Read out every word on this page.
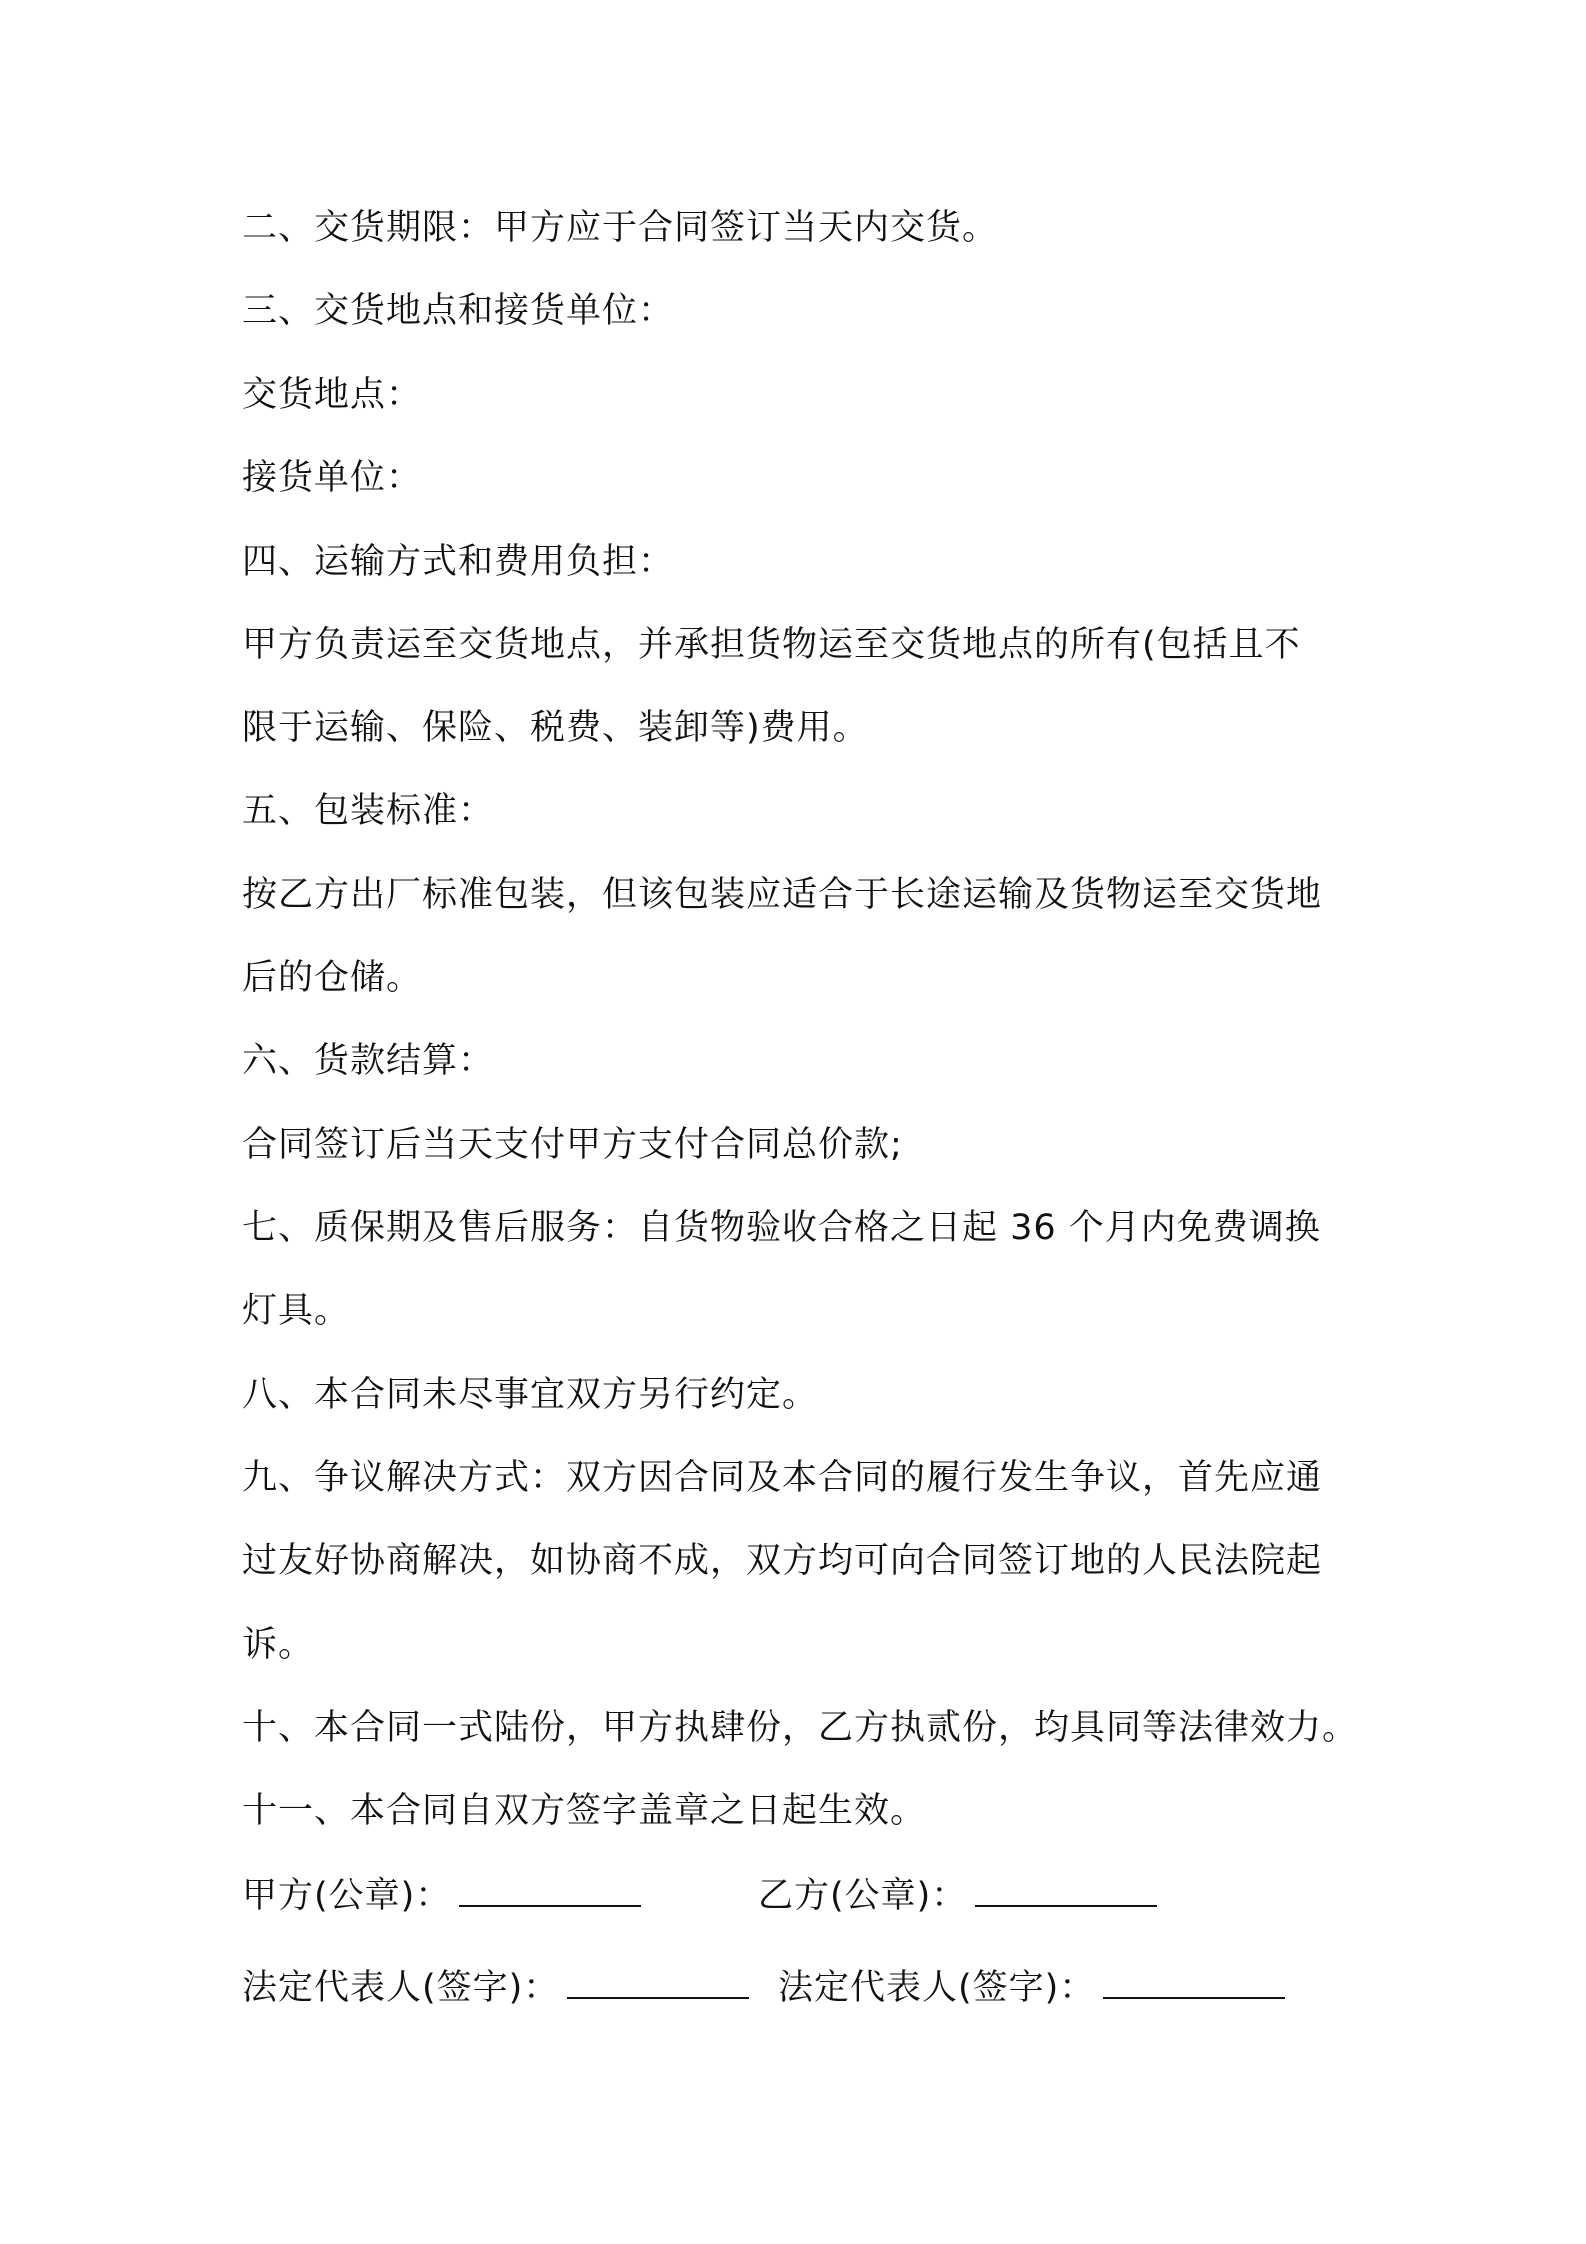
二、交货期限：甲方应于合同签订当天内交货。
三、交货地点和接货单位：
交货地点：
接货单位：
四、运输方式和费用负担：
甲方负责运至交货地点，并承担货物运至交货地点的所有(包括且不
限于运输、保险、税费、装卸等)费用。
五、包装标准：
按乙方出厂标准包装，但该包装应适合于长途运输及货物运至交货地
后的仓储。
六、货款结算：
合同签订后当天支付甲方支付合同总价款;
七、质保期及售后服务：自货物验收合格之日起 36 个月内免费调换
灯具。
八、本合同未尽事宜双方另行约定。
九、争议解决方式：双方因合同及本合同的履行发生争议，首先应通
过友好协商解决，如协商不成，双方均可向合同签订地的人民法院起
诉。
十、本合同一式陆份，甲方执肆份，乙方执贰份，均具同等法律效力。
十一、本合同自双方签字盖章之日起生效。
甲方(公章)：	乙方(公章)：
法定代表人(签字)：	法定代表人(签字)：
